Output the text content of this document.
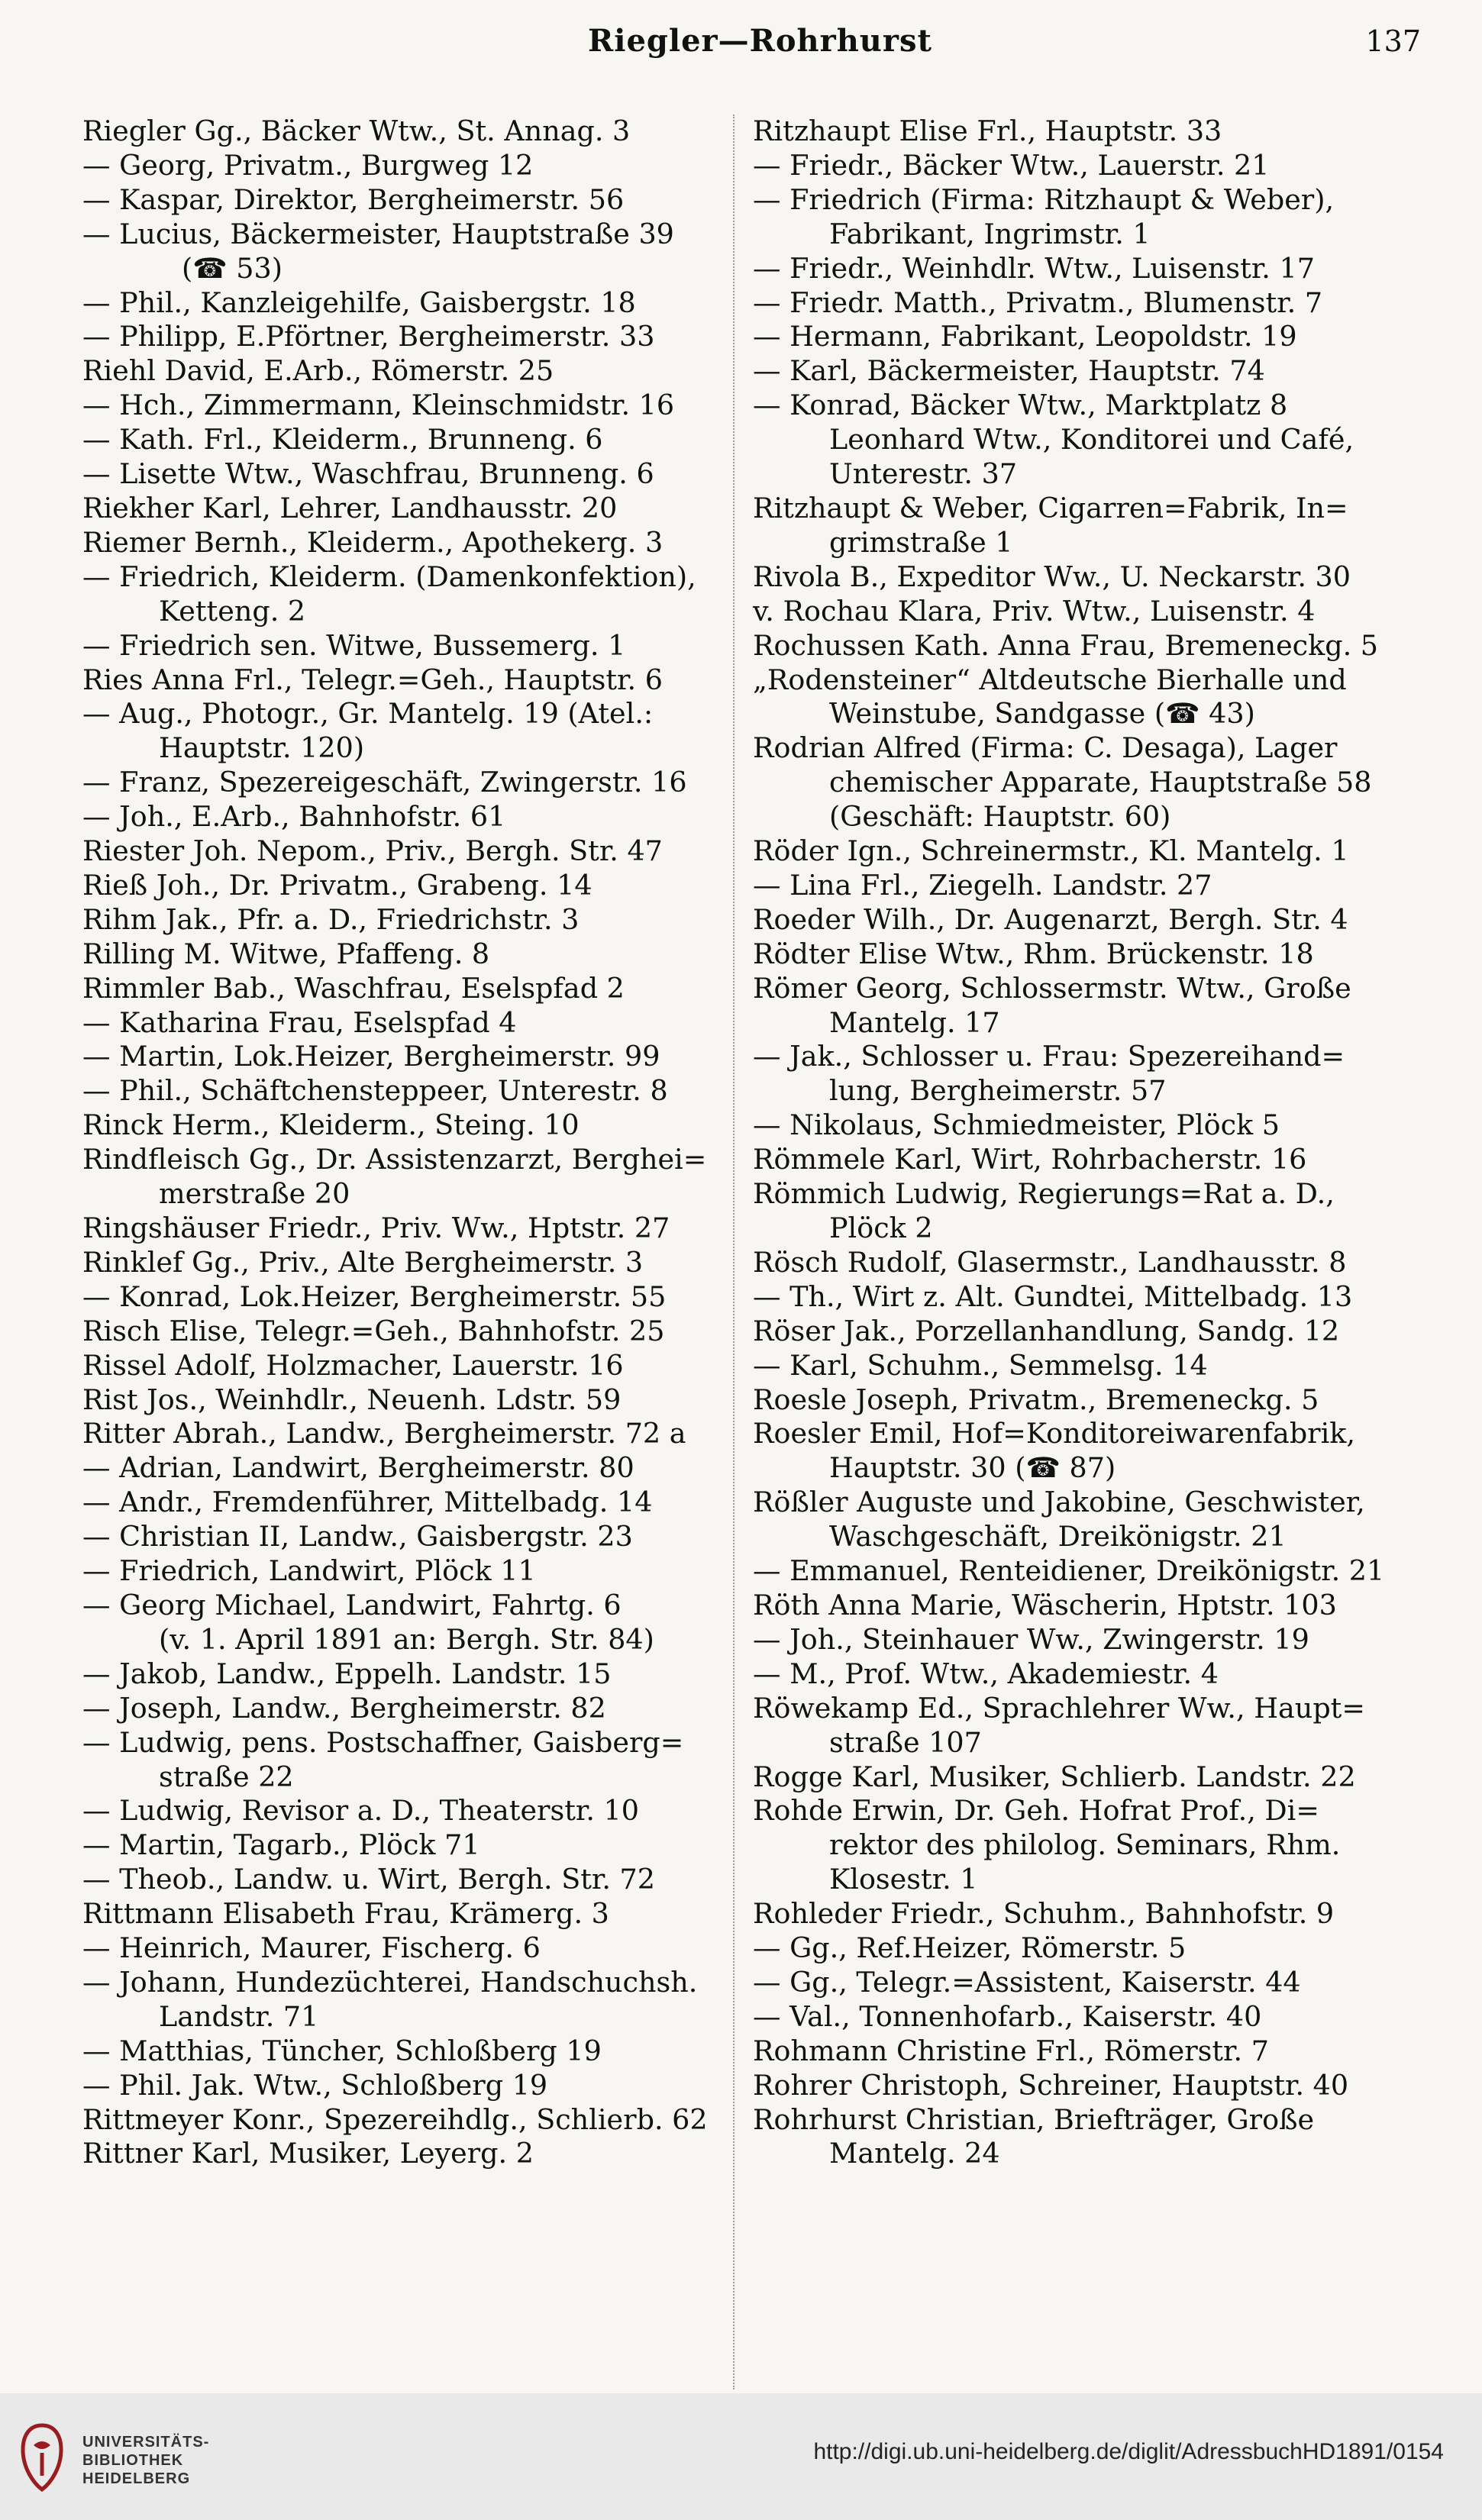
Riegler—Rohrhurst	137
Riegler Gg., Bäcker Wtw., St. Annag. 3
— Georg, Privatm., Burgweg 12
— Kaspar, Direktor, Bergheimerstr. 56
— Lucius, Bäckermeister, Hauptstraße 39
(☎ 53)
— Phil., Kanzleigehilfe, Gaisbergstr. 18
— Philipp, E.Pförtner, Bergheimerstr. 33
Riehl David, E.Arb., Römerstr. 25
— Hch., Zimmermann, Kleinschmidstr. 16
— Kath. Frl., Kleiderm., Brunneng. 6
— Lisette Wtw., Waschfrau, Brunneng. 6
Riekher Karl, Lehrer, Landhausstr. 20
Riemer Bernh., Kleiderm., Apothekerg. 3
— Friedrich, Kleiderm. (Damenkonfektion),
Ketteng. 2
— Friedrich sen. Witwe, Bussemerg. 1
Ries Anna Frl., Telegr.=Geh., Hauptstr. 6
— Aug., Photogr., Gr. Mantelg. 19 (Atel.:
Hauptstr. 120)
— Franz, Spezereigeschäft, Zwingerstr. 16
— Joh., E.Arb., Bahnhofstr. 61
Riester Joh. Nepom., Priv., Bergh. Str. 47
Rieß Joh., Dr. Privatm., Grabeng. 14
Rihm Jak., Pfr. a. D., Friedrichstr. 3
Rilling M. Witwe, Pfaffeng. 8
Rimmler Bab., Waschfrau, Eselspfad 2
— Katharina Frau, Eselspfad 4
— Martin, Lok.Heizer, Bergheimerstr. 99
— Phil., Schäftchensteppeer, Unterestr. 8
Rinck Herm., Kleiderm., Steing. 10
Rindfleisch Gg., Dr. Assistenzarzt, Berghei=
merstraße 20
Ringshäuser Friedr., Priv. Ww., Hptstr. 27
Rinklef Gg., Priv., Alte Bergheimerstr. 3
— Konrad, Lok.Heizer, Bergheimerstr. 55
Risch Elise, Telegr.=Geh., Bahnhofstr. 25
Rissel Adolf, Holzmacher, Lauerstr. 16
Rist Jos., Weinhdlr., Neuenh. Ldstr. 59
Ritter Abrah., Landw., Bergheimerstr. 72 a
— Adrian, Landwirt, Bergheimerstr. 80
— Andr., Fremdenführer, Mittelbadg. 14
— Christian II, Landw., Gaisbergstr. 23
— Friedrich, Landwirt, Plöck 11
— Georg Michael, Landwirt, Fahrtg. 6
(v. 1. April 1891 an: Bergh. Str. 84)
— Jakob, Landw., Eppelh. Landstr. 15
— Joseph, Landw., Bergheimerstr. 82
— Ludwig, pens. Postschaffner, Gaisberg=
straße 22
— Ludwig, Revisor a. D., Theaterstr. 10
— Martin, Tagarb., Plöck 71
— Theob., Landw. u. Wirt, Bergh. Str. 72
Rittmann Elisabeth Frau, Krämerg. 3
— Heinrich, Maurer, Fischerg. 6
— Johann, Hundezüchterei, Handschuchsh.
Landstr. 71
— Matthias, Tüncher, Schloßberg 19
— Phil. Jak. Wtw., Schloßberg 19
Rittmeyer Konr., Spezereihdlg., Schlierb. 62
Rittner Karl, Musiker, Leyerg. 2
Ritzhaupt Elise Frl., Hauptstr. 33
— Friedr., Bäcker Wtw., Lauerstr. 21
— Friedrich (Firma: Ritzhaupt & Weber),
Fabrikant, Ingrimstr. 1
— Friedr., Weinhdlr. Wtw., Luisenstr. 17
— Friedr. Matth., Privatm., Blumenstr. 7
— Hermann, Fabrikant, Leopoldstr. 19
— Karl, Bäckermeister, Hauptstr. 74
— Konrad, Bäcker Wtw., Marktplatz 8
Leonhard Wtw., Konditorei und Café,
Unterestr. 37
Ritzhaupt & Weber, Cigarren=Fabrik, In=
grimstraße 1
Rivola B., Expeditor Ww., U. Neckarstr. 30
v. Rochau Klara, Priv. Wtw., Luisenstr. 4
Rochussen Kath. Anna Frau, Bremeneckg. 5
„Rodensteiner“ Altdeutsche Bierhalle und
Weinstube, Sandgasse (☎ 43)
Rodrian Alfred (Firma: C. Desaga), Lager
chemischer Apparate, Hauptstraße 58
(Geschäft: Hauptstr. 60)
Röder Ign., Schreinermstr., Kl. Mantelg. 1
— Lina Frl., Ziegelh. Landstr. 27
Roeder Wilh., Dr. Augenarzt, Bergh. Str. 4
Rödter Elise Wtw., Rhm. Brückenstr. 18
Römer Georg, Schlossermstr. Wtw., Große
Mantelg. 17
— Jak., Schlosser u. Frau: Spezereihand=
lung, Bergheimerstr. 57
— Nikolaus, Schmiedmeister, Plöck 5
Römmele Karl, Wirt, Rohrbacherstr. 16
Römmich Ludwig, Regierungs=Rat a. D.,
Plöck 2
Rösch Rudolf, Glasermstr., Landhausstr. 8
— Th., Wirt z. Alt. Gundtei, Mittelbadg. 13
Röser Jak., Porzellanhandlung, Sandg. 12
— Karl, Schuhm., Semmelsg. 14
Roesle Joseph, Privatm., Bremeneckg. 5
Roesler Emil, Hof=Konditoreiwarenfabrik,
Hauptstr. 30 (☎ 87)
Rößler Auguste und Jakobine, Geschwister,
Waschgeschäft, Dreikönigstr. 21
— Emmanuel, Renteidiener, Dreikönigstr. 21
Röth Anna Marie, Wäscherin, Hptstr. 103
— Joh., Steinhauer Ww., Zwingerstr. 19
— M., Prof. Wtw., Akademiestr. 4
Röwekamp Ed., Sprachlehrer Ww., Haupt=
straße 107
Rogge Karl, Musiker, Schlierb. Landstr. 22
Rohde Erwin, Dr. Geh. Hofrat Prof., Di=
rektor des philolog. Seminars, Rhm.
Klosestr. 1
Rohleder Friedr., Schuhm., Bahnhofstr. 9
— Gg., Ref.Heizer, Römerstr. 5
— Gg., Telegr.=Assistent, Kaiserstr. 44
— Val., Tonnenhofarb., Kaiserstr. 40
Rohmann Christine Frl., Römerstr. 7
Rohrer Christoph, Schreiner, Hauptstr. 40
Rohrhurst Christian, Briefträger, Große
Mantelg. 24
UNIVERSITÄTS-
BIBLIOTHEK
HEIDELBERG
http://digi.ub.uni-heidelberg.de/diglit/AdressbuchHD1891/0154
